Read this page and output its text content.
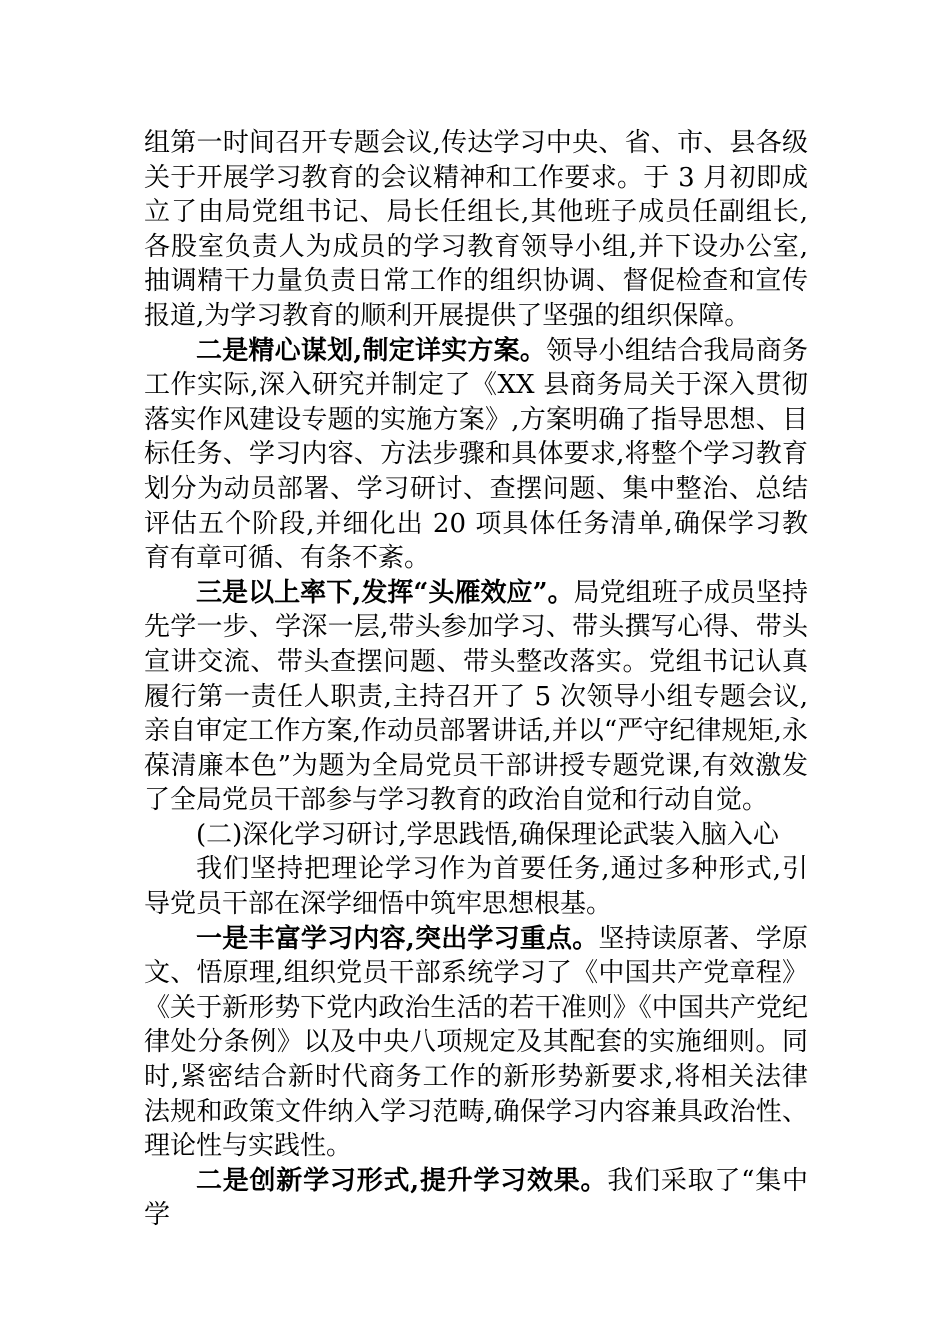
组第一时间召开专题会议,传达学习中央、省、市、县各级关于开展学习教育的会议精神和工作要求。于 3 月初即成立了由局党组书记、局长任组长,其他班子成员任副组长,各股室负责人为成员的学习教育领导小组,并下设办公室,抽调精干力量负责日常工作的组织协调、督促检查和宣传报道,为学习教育的顺利开展提供了坚强的组织保障。

二是精心谋划,制定详实方案。领导小组结合我局商务工作实际,深入研究并制定了《XX 县商务局关于深入贯彻落实作风建设专题的实施方案》,方案明确了指导思想、目标任务、学习内容、方法步骤和具体要求,将整个学习教育划分为动员部署、学习研讨、查摆问题、集中整治、总结评估五个阶段,并细化出 20 项具体任务清单,确保学习教育有章可循、有条不紊。

三是以上率下,发挥“头雁效应”。局党组班子成员坚持先学一步、学深一层,带头参加学习、带头撰写心得、带头宣讲交流、带头查摆问题、带头整改落实。党组书记认真履行第一责任人职责,主持召开了 5 次领导小组专题会议,亲自审定工作方案,作动员部署讲话,并以“严守纪律规矩,永葆清廉本色”为题为全局党员干部讲授专题党课,有效激发了全局党员干部参与学习教育的政治自觉和行动自觉。

(二)深化学习研讨,学思践悟,确保理论武装入脑入心

我们坚持把理论学习作为首要任务,通过多种形式,引导党员干部在深学细悟中筑牢思想根基。

一是丰富学习内容,突出学习重点。坚持读原著、学原文、悟原理,组织党员干部系统学习了《中国共产党章程》《关于新形势下党内政治生活的若干准则》《中国共产党纪律处分条例》以及中央八项规定及其配套的实施细则。同时,紧密结合新时代商务工作的新形势新要求,将相关法律法规和政策文件纳入学习范畴,确保学习内容兼具政治性、理论性与实践性。

二是创新学习形式,提升学习效果。我们采取了“集中学
